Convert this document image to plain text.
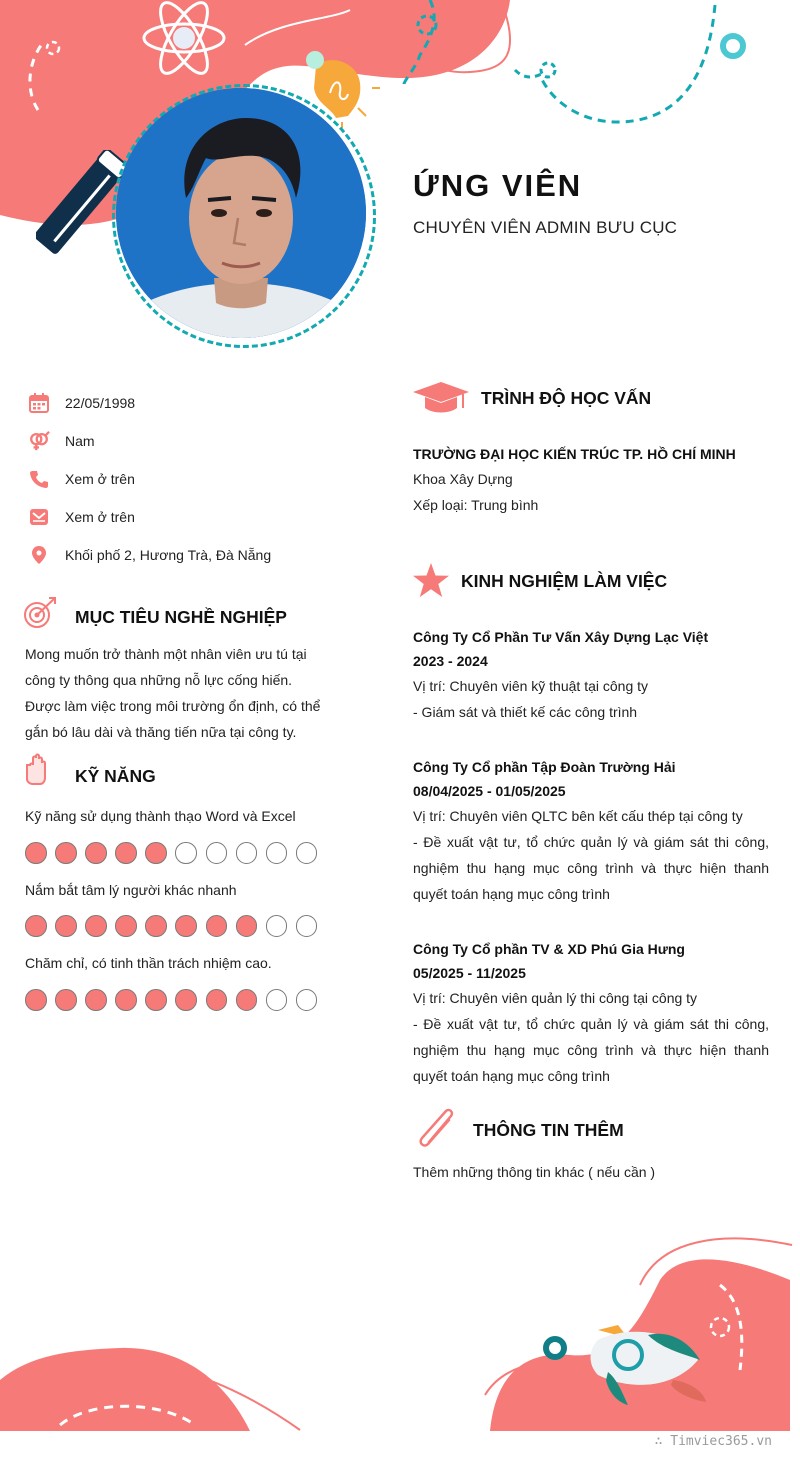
ỨNG VIÊN
CHUYÊN VIÊN ADMIN BƯU CỤC
22/05/1998
Nam
Xem ở trên
Xem ở trên
Khối phố 2, Hương Trà, Đà Nẵng
MỤC TIÊU NGHỀ NGHIỆP
Mong muốn trở thành một nhân viên ưu tú tại
công ty thông qua những nỗ lực cống hiến.
Được làm việc trong môi trường ổn định, có thể
gắn bó lâu dài và thăng tiến nữa tại công ty.
KỸ NĂNG
Kỹ năng sử dụng thành thạo Word và Excel
Nắm bắt tâm lý người khác nhanh
Chăm chỉ, có tinh thần trách nhiệm cao.
TRÌNH ĐỘ HỌC VẤN
TRƯỜNG ĐẠI HỌC KIẾN TRÚC TP. HỒ CHÍ MINH
Khoa Xây Dựng
Xếp loại: Trung bình
KINH NGHIỆM LÀM VIỆC
Công Ty Cổ Phần Tư Vấn Xây Dựng Lạc Việt
2023 - 2024
Vị trí: Chuyên viên kỹ thuật tại công ty
- Giám sát và thiết kế các công trình
Công Ty Cổ phần Tập Đoàn Trường Hải
08/04/2025 - 01/05/2025
Vị trí: Chuyên viên QLTC bên kết cấu thép tại công ty
- Đề xuất vật tư, tổ chức quản lý và giám sát thi công, nghiệm thu hạng mục công trình và thực hiện thanh quyết toán hạng mục công trình
Công Ty Cổ phần TV & XD Phú Gia Hưng
05/2025 - 11/2025
Vị trí: Chuyên viên quản lý thi công tại công ty
- Đề xuất vật tư, tổ chức quản lý và giám sát thi công, nghiệm thu hạng mục công trình và thực hiện thanh quyết toán hạng mục công trình
THÔNG TIN THÊM
Thêm những thông tin khác ( nếu cần )
∴ Timviec365.vn
